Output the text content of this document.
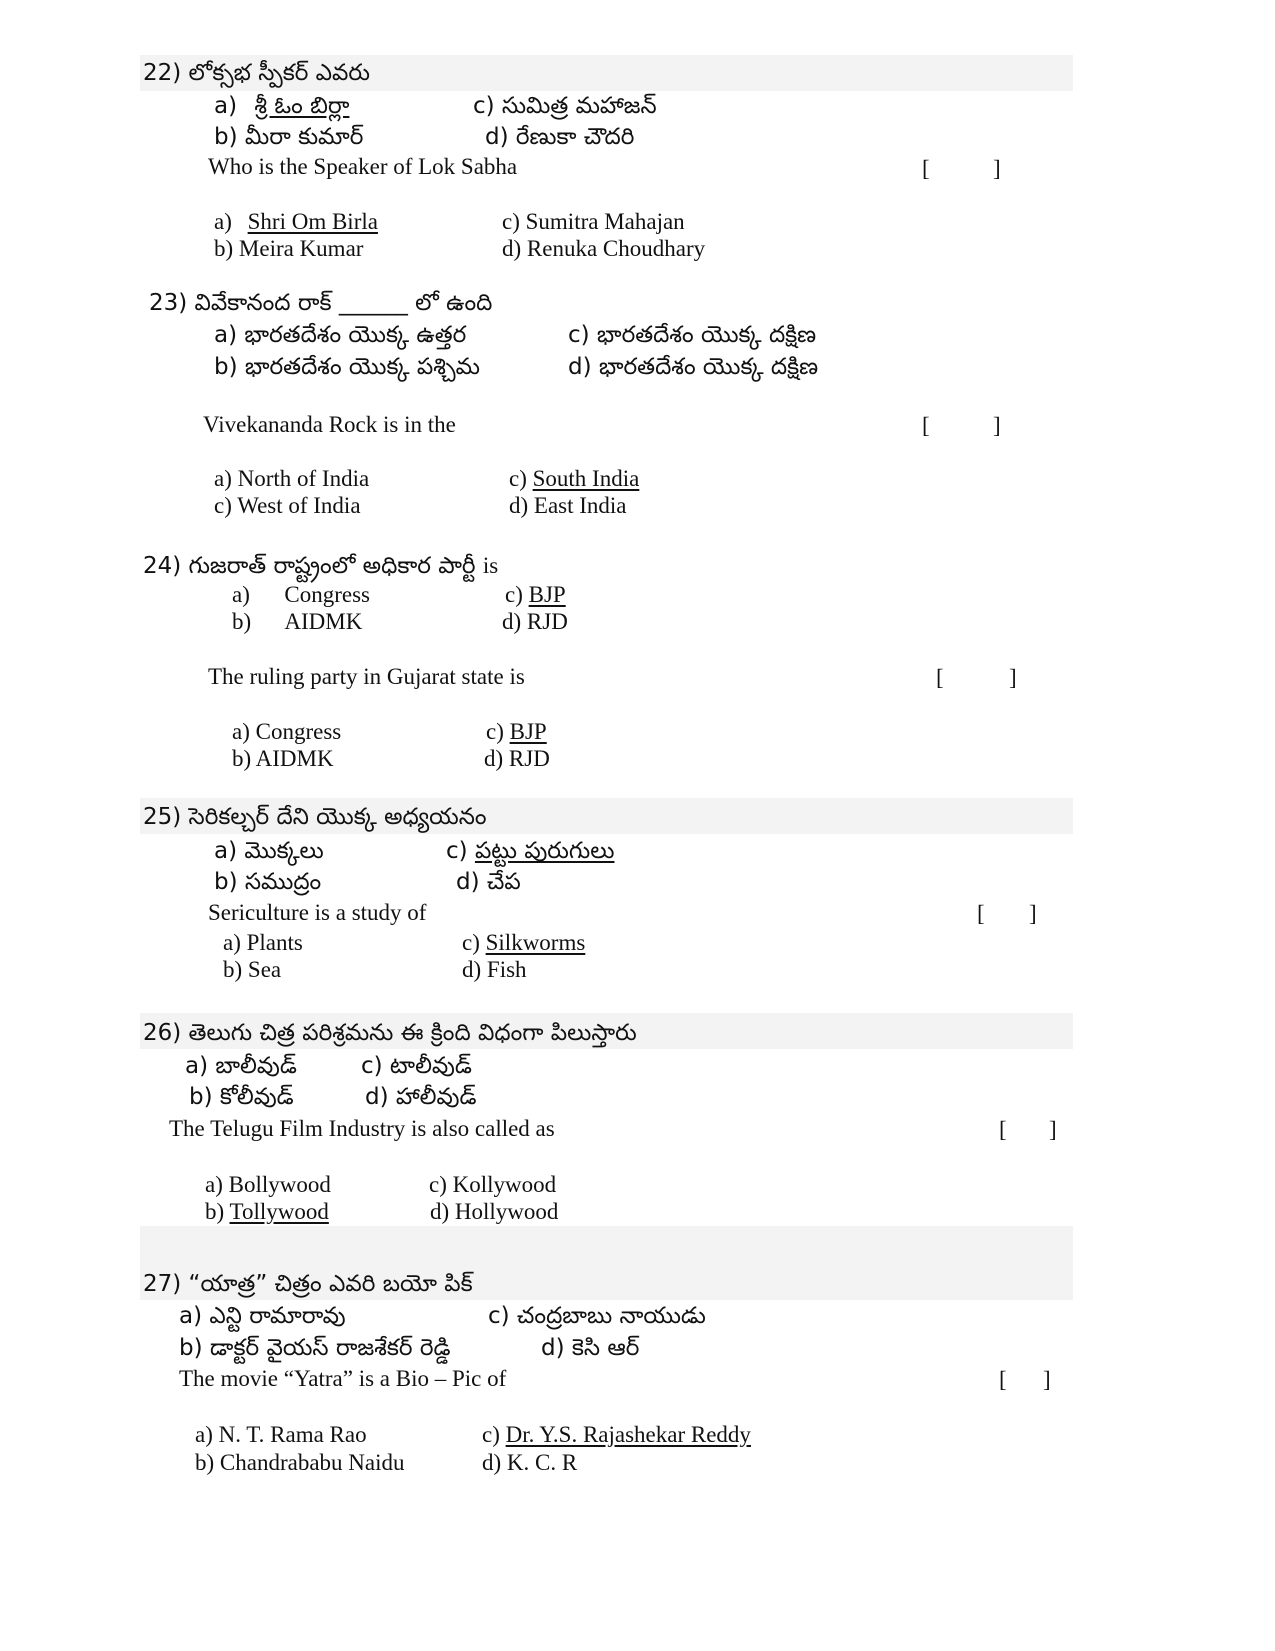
22) లోక్సభ స్పీకర్ ఎవరు
a) శ్రీ ఓం బిర్లా	c) సుమిత్ర మహాజన్
b) మీరా కుమార్	d) రేణుకా చౌదరి
Who is the Speaker of Lok Sabha	[	]
a) Shri Om Birla	c) Sumitra Mahajan
b) Meira Kumar	d) Renuka Choudhary
23) వివేకానంద రాక్ ______ లో ఉంది
a) భారతదేశం యొక్క ఉత్తర	c) భారతదేశం యొక్క దక్షిణ
b) భారతదేశం యొక్క పశ్చిమ	d) భారతదేశం యొక్క దక్షిణ
Vivekananda Rock is in the	[	]
a) North of India	c) South India
c) West of India	d) East India
24) గుజరాత్ రాష్ట్రంలో అధికార పార్టీ is
a)      Congress	c) BJP
b)      AIDMK	d) RJD
The ruling party in Gujarat state is	[	]
a) Congress	c) BJP
b) AIDMK	d) RJD
25) సెరికల్చర్ దేని యొక్క అధ్యయనం
a) మొక్కలు	c) పట్టు పురుగులు
b) సముద్రం	d) చేప
Sericulture is a study of	[ ]
a) Plants	c) Silkworms
b) Sea	d) Fish
26) తెలుగు చిత్ర పరిశ్రమను ఈ క్రింది విధంగా పిలుస్తారు
a) బాలీవుడ్	c) టాలీవుడ్
b) కోలీవుడ్	d) హాలీవుడ్
The Telugu Film Industry is also called as	[ ]
a) Bollywood	c) Kollywood
b) Tollywood	d) Hollywood
27) “యాత్ర” చిత్రం ఎవరి బయో పిక్
a) ఎన్టి రామారావు	c) చంద్రబాబు నాయుడు
b) డాక్టర్ వైయస్ రాజశేకర్ రెడ్డి	d) కెసి ఆర్
The movie “Yatra” is a Bio – Pic of	[ ]
a) N. T. Rama Rao	c) Dr. Y.S. Rajashekar Reddy
b) Chandrababu Naidu	d) K. C. R
